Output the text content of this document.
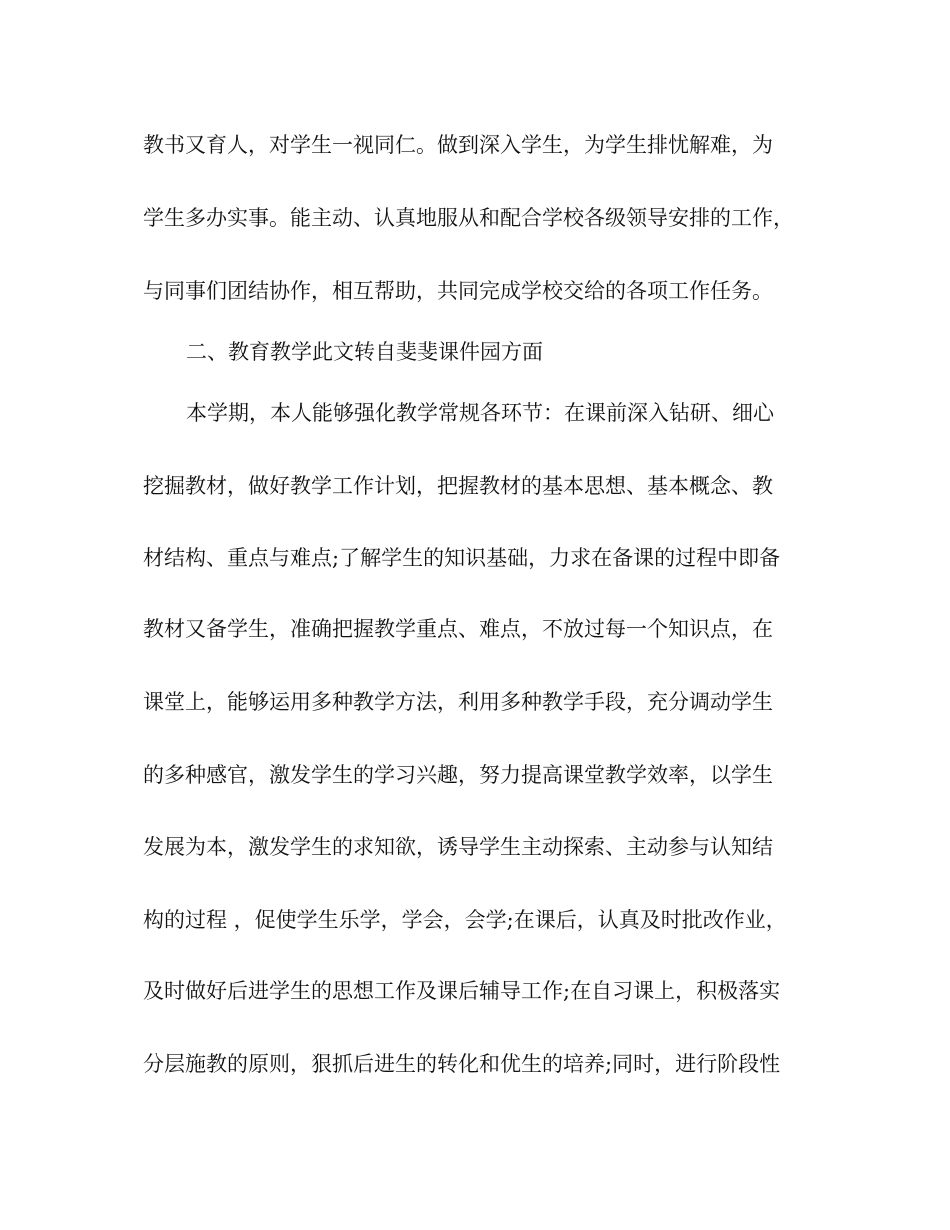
教书又育人，对学生一视同仁。做到深入学生，为学生排忧解难，为

学生多办实事。能主动、认真地服从和配合学校各级领导安排的工作，

与同事们团结协作，相互帮助，共同完成学校交给的各项工作任务。

二、教育教学此文转自斐斐课件园方面

本学期，本人能够强化教学常规各环节：在课前深入钻研、细心

挖掘教材，做好教学工作计划，把握教材的基本思想、基本概念、教

材结构、重点与难点;了解学生的知识基础，力求在备课的过程中即备

教材又备学生，准确把握教学重点、难点，不放过每一个知识点，在

课堂上，能够运用多种教学方法，利用多种教学手段，充分调动学生

的多种感官，激发学生的学习兴趣，努力提高课堂教学效率，以学生

发展为本，激发学生的求知欲，诱导学生主动探索、主动参与认知结

构的过程 ，促使学生乐学，学会，会学;在课后，认真及时批改作业，

及时做好后进学生的思想工作及课后辅导工作;在自习课上，积极落实

分层施教的原则，狠抓后进生的转化和优生的培养;同时，进行阶段性
